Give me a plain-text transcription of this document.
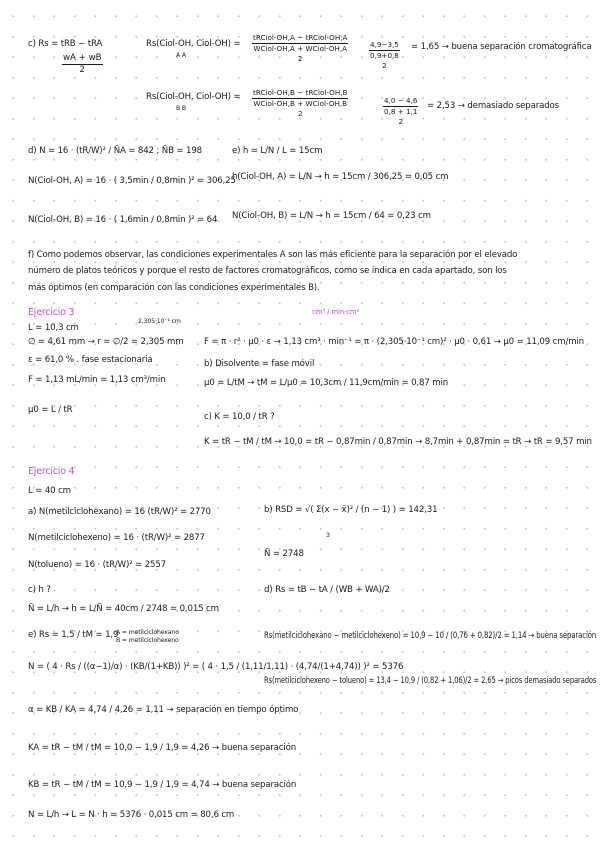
c) Rs = tRB − tRA
$\frac{wA + wB}{2}$
Rs(Ciol-OH, Ciol-OH) =
A A
tRCiol-OH,A − tRCiol-OH,A
WCiol-OH,A + WCiol-OH,A
2
4,9−3,5
0,9+0,8
2
= 1,65 → buena separación cromatográfica
Rs(Ciol-OH, Ciol-OH) =
B B
tRCiol-OH,B − tRCiol-OH,B
WCiol-OH,B + WCiol-OH,B
2
4,0 − 4,6
0,8 + 1,1
2
= 2,53 → demasiado separados
d) N = 16 · (tR/W)² / N̄A = 842 ; N̄B = 198	e) h = L/N / L = 15cm
N(Ciol-OH, A) = 16 · ( 3,5min / 0,8min )² = 306,25
h(Ciol-OH, A) = L/N → h = 15cm / 306,25 = 0,05 cm
N(Ciol-OH, B) = 16 · ( 1,6min / 0,8min )² = 64 N(Ciol-OH, B) = L/N → h = 15cm / 64 = 0,23 cm
f) Como podemos observar, las condiciones experimentales A son las más eficiente para la separación por el elevado
número de platos teóricos y porque el resto de factores cromatográficos, como se indica en cada apartado, son los
más óptimos (en comparación con las condiciones experimentales B).
Ejercicio 3	cm³ / min·cm²
L = 10,3 cm
2,305·10⁻¹ cm
∅ = 4,61 mm → r = ∅/2 = 2,305 mm F = π · r² · μ0 · ε → 1,13 cm³ · min⁻¹ = π · (2,305·10⁻¹ cm)² · μ0 · 0,61 → μ0 = 11,09 cm/min
ε = 61,0 % . fase estacionaria	b) Disolvente = fase móvil
F = 1,13 mL/min = 1,13 cm³/min	μ0 = L/tM → tM = L/μ0 = 10,3cm / 11,9cm/min = 0,87 min
μ0 = L / tR
c) K = 10,0 / tR ?
K = tR − tM / tM → 10,0 = tR − 0,87min / 0,87min → 8,7min + 0,87min = tR → tR = 9,57 min
Ejercicio 4
L = 40 cm
a) N(metilciclohexano) = 16 (tR/W)² = 2770	b) RSD = √( Σ(x − x̄)² / (n − 1) ) = 142,31
N(metilciclohexeno) = 16 · (tR/W)² = 2877	3
N̄ = 2748
N(tolueno) = 16 · (tR/W)² = 2557
c) h ?	d) Rs = tB − tA / (WB + WA)/2
N̄ = L/h → h = L/N̄ = 40cm / 2748 = 0,015 cm
e) Rs = 1,5 / tM = 1,9
A = metilciclohexano
B = metilciclohexeno	Rs(metilciclohexano − metilciclohexeno) = 10,9 − 10 / (0,76 + 0,82)/2 = 1,14 → buena separación
N = ( 4 · Rs / ((α−1)/α) · (KB/(1+KB)) )² = ( 4 · 1,5 / (1,11/1,11) · (4,74/(1+4,74)) )² = 5376
Rs(metilciclohexeno − tolueno) = 13,4 − 10,9 / (0,82 + 1,06)/2 = 2,65 → picos demasiado separados
α = KB / KA = 4,74 / 4,26 = 1,11 → separación en tiempo óptimo
KA = tR − tM / tM = 10,0 − 1,9 / 1,9 = 4,26 → buena separación
KB = tR − tM / tM = 10,9 − 1,9 / 1,9 = 4,74 → buena separación
N = L/h → L = N · h = 5376 · 0,015 cm = 80,6 cm
